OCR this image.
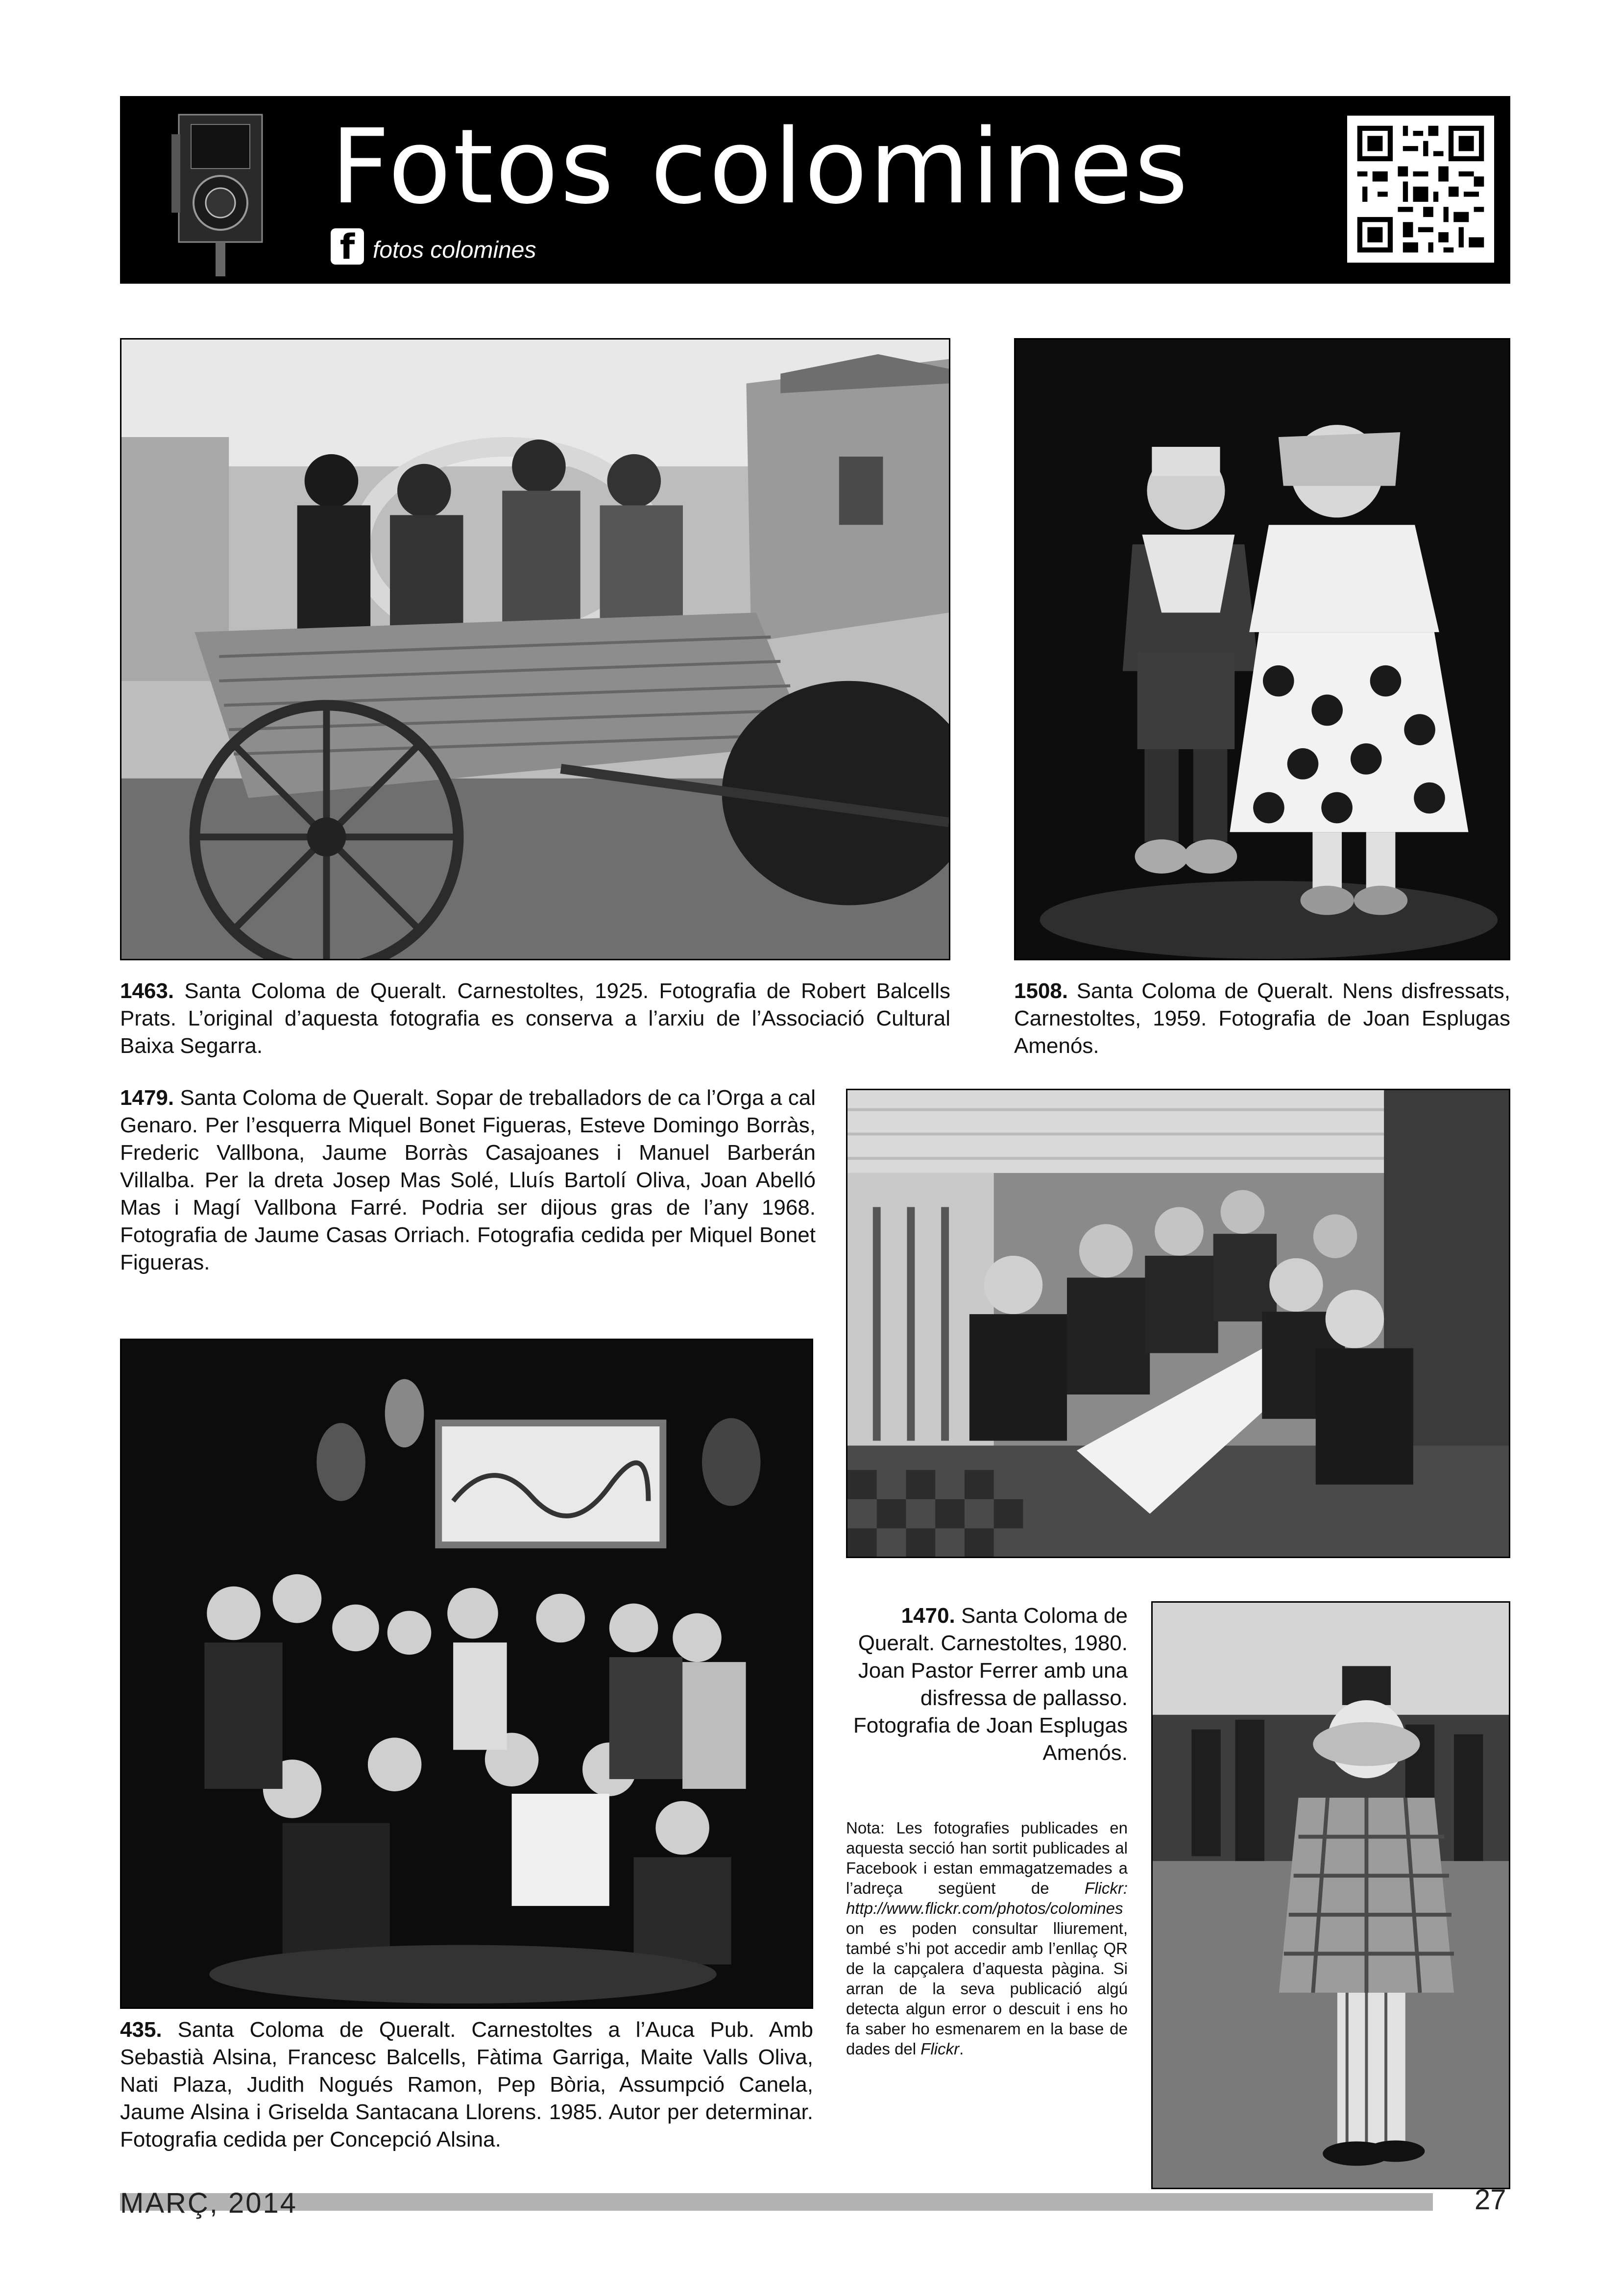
Fotos colomines
f fotos colomines
1463. Santa Coloma de Queralt. Carnestoltes, 1925. Fotografia de Robert Balcells Prats. L’original d’aquesta fotografia es conserva a l’arxiu de l’Associació Cultural Baixa Segarra.
1508. Santa Coloma de Queralt. Nens disfressats, Carnestoltes, 1959. Fotografia de Joan Esplugas Amenós.
1479. Santa Coloma de Queralt. Sopar de treballadors de ca l’Orga a cal Genaro. Per l’esquerra Miquel Bonet Figueras, Esteve Domingo Borràs, Frederic Vallbona, Jaume Borràs Casajoanes i Manuel Barberán Villalba. Per la dreta Josep Mas Solé, Lluís Bartolí Oliva, Joan Abelló Mas i Magí Vallbona Farré. Podria ser dijous gras de l’any 1968. Fotografia de Jaume Casas Orriach. Fotografia cedida per Miquel Bonet Figueras.
1470. Santa Coloma de Queralt. Carnestoltes, 1980. Joan Pastor Ferrer amb una disfressa de pallasso. Fotografia de Joan Esplugas Amenós.
Nota: Les fotografies publicades en aquesta secció han sortit publicades al Facebook i estan emmagatzemades a l’adreça següent de Flickr: http://www.flickr.com/photos/colomines on es poden consultar lliurement, també s’hi pot accedir amb l’enllaç QR de la capçalera d’aquesta pàgina. Si arran de la seva publicació algú detecta algun error o descuit i ens ho fa saber ho esmenarem en la base de dades del Flickr.
435. Santa Coloma de Queralt. Carnestoltes a l’Auca Pub. Amb Sebastià Alsina, Francesc Balcells, Fàtima Garriga, Maite Valls Oliva, Nati Plaza, Judith Nogués Ramon, Pep Bòria, Assumpció Canela, Jaume Alsina i Griselda Santacana Llorens. 1985. Autor per determinar. Fotografia cedida per Concepció Alsina.
MARÇ, 2014	27
